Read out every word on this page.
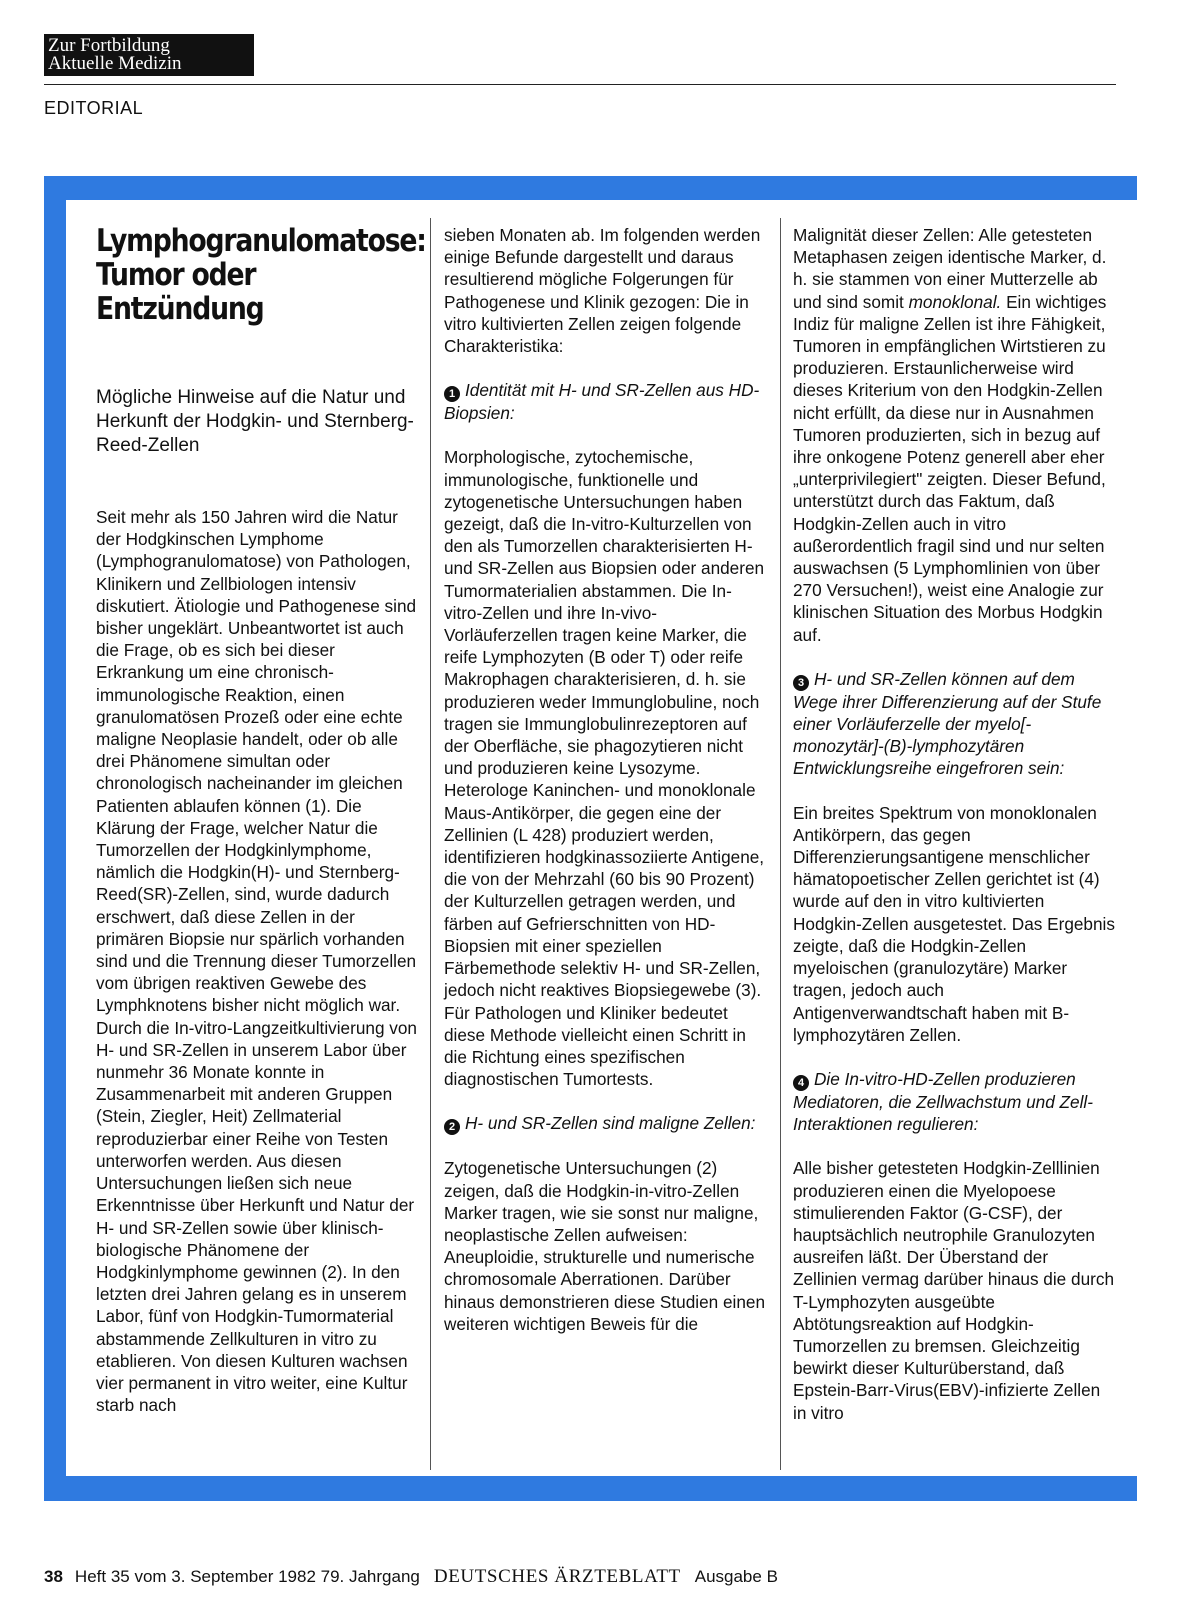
Zur Fortbildung
Aktuelle Medizin
EDITORIAL
Lymphogranulomatose:
Tumor oder Entzündung

Mögliche Hinweise auf die Natur und Herkunft der Hodgkin- und Sternberg-Reed-Zellen

Seit mehr als 150 Jahren wird die Natur der Hodgkinschen Lymphome (Lymphogranulomatose) von Pathologen, Klinikern und Zellbiologen intensiv diskutiert. Ätiologie und Pathogenese sind bisher ungeklärt. Unbeantwortet ist auch die Frage, ob es sich bei dieser Erkrankung um eine chronisch-immunologische Reaktion, einen granulomatösen Prozeß oder eine echte maligne Neoplasie handelt, oder ob alle drei Phänomene simultan oder chronologisch nacheinander im gleichen Patienten ablaufen können (1). Die Klärung der Frage, welcher Natur die Tumorzellen der Hodgkinlymphome, nämlich die Hodgkin(H)- und Sternberg-Reed(SR)-Zellen, sind, wurde dadurch erschwert, daß diese Zellen in der primären Biopsie nur spärlich vorhanden sind und die Trennung dieser Tumorzellen vom übrigen reaktiven Gewebe des Lymphknotens bisher nicht möglich war.

Durch die In-vitro-Langzeitkultivierung von H- und SR-Zellen in unserem Labor über nunmehr 36 Monate konnte in Zusammenarbeit mit anderen Gruppen (Stein, Ziegler, Heit) Zellmaterial reproduzierbar einer Reihe von Testen unterworfen werden. Aus diesen Untersuchungen ließen sich neue Erkenntnisse über Herkunft und Natur der H- und SR-Zellen sowie über klinisch-biologische Phänomene der Hodgkinlymphome gewinnen (2). In den letzten drei Jahren gelang es in unserem Labor, fünf von Hodgkin-Tumormaterial abstammende Zellkulturen in vitro zu etablieren. Von diesen Kulturen wachsen vier permanent in vitro weiter, eine Kultur starb nach

sieben Monaten ab. Im folgenden werden einige Befunde dargestellt und daraus resultierend mögliche Folgerungen für Pathogenese und Klinik gezogen: Die in vitro kultivierten Zellen zeigen folgende Charakteristika:

1 Identität mit H- und SR-Zellen aus HD-Biopsien:

Morphologische, zytochemische, immunologische, funktionelle und zytogenetische Untersuchungen haben gezeigt, daß die In-vitro-Kulturzellen von den als Tumorzellen charakterisierten H- und SR-Zellen aus Biopsien oder anderen Tumormaterialien abstammen. Die In-vitro-Zellen und ihre In-vivo-Vorläuferzellen tragen keine Marker, die reife Lymphozyten (B oder T) oder reife Makrophagen charakterisieren, d. h. sie produzieren weder Immunglobuline, noch tragen sie Immunglobulinrezeptoren auf der Oberfläche, sie phagozytieren nicht und produzieren keine Lysozyme. Heterologe Kaninchen- und monoklonale Maus-Antikörper, die gegen eine der Zellinien (L 428) produziert werden, identifizieren hodgkinassoziierte Antigene, die von der Mehrzahl (60 bis 90 Prozent) der Kulturzellen getragen werden, und färben auf Gefrierschnitten von HD-Biopsien mit einer speziellen Färbemethode selektiv H- und SR-Zellen, jedoch nicht reaktives Biopsiegewebe (3). Für Pathologen und Kliniker bedeutet diese Methode vielleicht einen Schritt in die Richtung eines spezifischen diagnostischen Tumortests.

2 H- und SR-Zellen sind maligne Zellen:

Zytogenetische Untersuchungen (2) zeigen, daß die Hodgkin-in-vitro-Zellen Marker tragen, wie sie sonst nur maligne, neoplastische Zellen aufweisen: Aneuploidie, strukturelle und numerische chromosomale Aberrationen. Darüber hinaus demonstrieren diese Studien einen weiteren wichtigen Beweis für die

Malignität dieser Zellen: Alle getesteten Metaphasen zeigen identische Marker, d. h. sie stammen von einer Mutterzelle ab und sind somit monoklonal. Ein wichtiges Indiz für maligne Zellen ist ihre Fähigkeit, Tumoren in empfänglichen Wirtstieren zu produzieren. Erstaunlicherweise wird dieses Kriterium von den Hodgkin-Zellen nicht erfüllt, da diese nur in Ausnahmen Tumoren produzierten, sich in bezug auf ihre onkogene Potenz generell aber eher „unterprivilegiert" zeigten. Dieser Befund, unterstützt durch das Faktum, daß Hodgkin-Zellen auch in vitro außerordentlich fragil sind und nur selten auswachsen (5 Lymphomlinien von über 270 Versuchen!), weist eine Analogie zur klinischen Situation des Morbus Hodgkin auf.

3 H- und SR-Zellen können auf dem Wege ihrer Differenzierung auf der Stufe einer Vorläuferzelle der myelo[-monozytär]-(B)-lymphozytären Entwicklungsreihe eingefroren sein:

Ein breites Spektrum von monoklonalen Antikörpern, das gegen Differenzierungsantigene menschlicher hämatopoetischer Zellen gerichtet ist (4) wurde auf den in vitro kultivierten Hodgkin-Zellen ausgetestet. Das Ergebnis zeigte, daß die Hodgkin-Zellen myeloischen (granulozytäre) Marker tragen, jedoch auch Antigenverwandtschaft haben mit B-lymphozytären Zellen.

4 Die In-vitro-HD-Zellen produzieren Mediatoren, die Zellwachstum und Zell-Interaktionen regulieren:

Alle bisher getesteten Hodgkin-Zelllinien produzieren einen die Myelopoese stimulierenden Faktor (G-CSF), der hauptsächlich neutrophile Granulozyten ausreifen läßt. Der Überstand der Zellinien vermag darüber hinaus die durch T-Lymphozyten ausgeübte Abtötungsreaktion auf Hodgkin-Tumorzellen zu bremsen. Gleichzeitig bewirkt dieser Kulturüberstand, daß Epstein-Barr-Virus(EBV)-infizierte Zellen in vitro

38 Heft 35 vom 3. September 1982 79. Jahrgang DEUTSCHES ÄRZTEBLATT Ausgabe B
